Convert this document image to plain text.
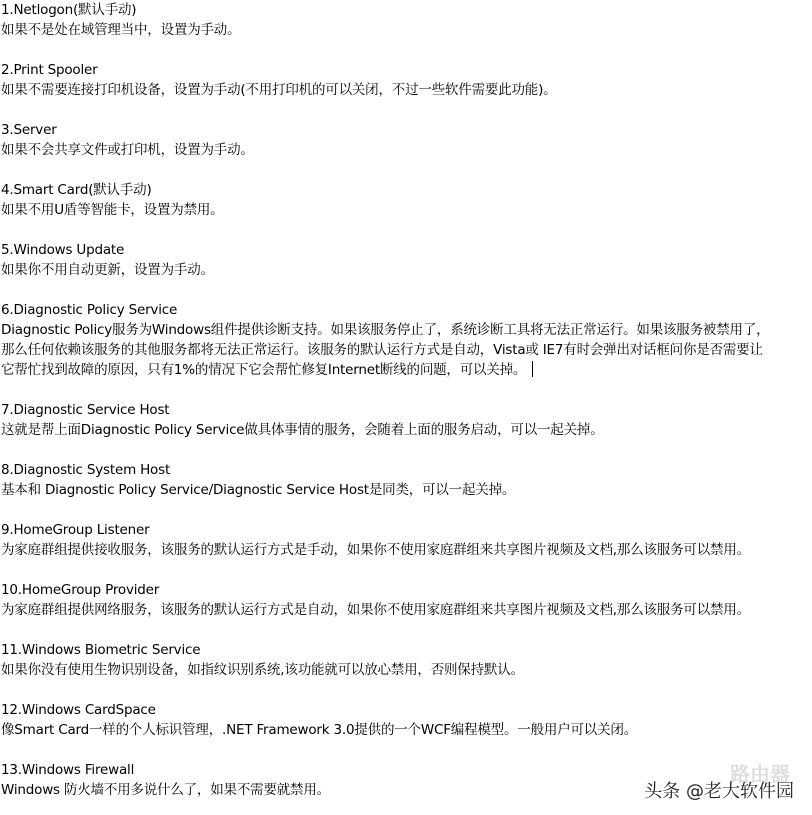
1.Netlogon(默认手动)
如果不是处在域管理当中，设置为手动。
2.Print Spooler
如果不需要连接打印机设备，设置为手动(不用打印机的可以关闭，不过一些软件需要此功能)。
3.Server
如果不会共享文件或打印机，设置为手动。
4.Smart Card(默认手动)
如果不用U盾等智能卡，设置为禁用。
5.Windows Update
如果你不用自动更新，设置为手动。
6.Diagnostic Policy Service
Diagnostic Policy服务为Windows组件提供诊断支持。如果该服务停止了，系统诊断工具将无法正常运行。如果该服务被禁用了，
那么任何依赖该服务的其他服务都将无法正常运行。该服务的默认运行方式是自动，Vista或 IE7有时会弹出对话框问你是否需要让
它帮忙找到故障的原因，只有1%的情况下它会帮忙修复Internet断线的问题，可以关掉。
7.Diagnostic Service Host
这就是帮上面Diagnostic Policy Service做具体事情的服务，会随着上面的服务启动，可以一起关掉。
8.Diagnostic System Host
基本和 Diagnostic Policy Service/Diagnostic Service Host是同类，可以一起关掉。
9.HomeGroup Listener
为家庭群组提供接收服务，该服务的默认运行方式是手动，如果你不使用家庭群组来共享图片视频及文档,那么该服务可以禁用。
10.HomeGroup Provider
为家庭群组提供网络服务，该服务的默认运行方式是自动，如果你不使用家庭群组来共享图片视频及文档,那么该服务可以禁用。
11.Windows Biometric Service
如果你没有使用生物识别设备，如指纹识别系统,该功能就可以放心禁用，否则保持默认。
12.Windows CardSpace
像Smart Card一样的个人标识管理，.NET Framework 3.0提供的一个WCF编程模型。一般用户可以关闭。
13.Windows Firewall
Windows 防火墙不用多说什么了，如果不需要就禁用。
路由器
头条 @老大软件园
